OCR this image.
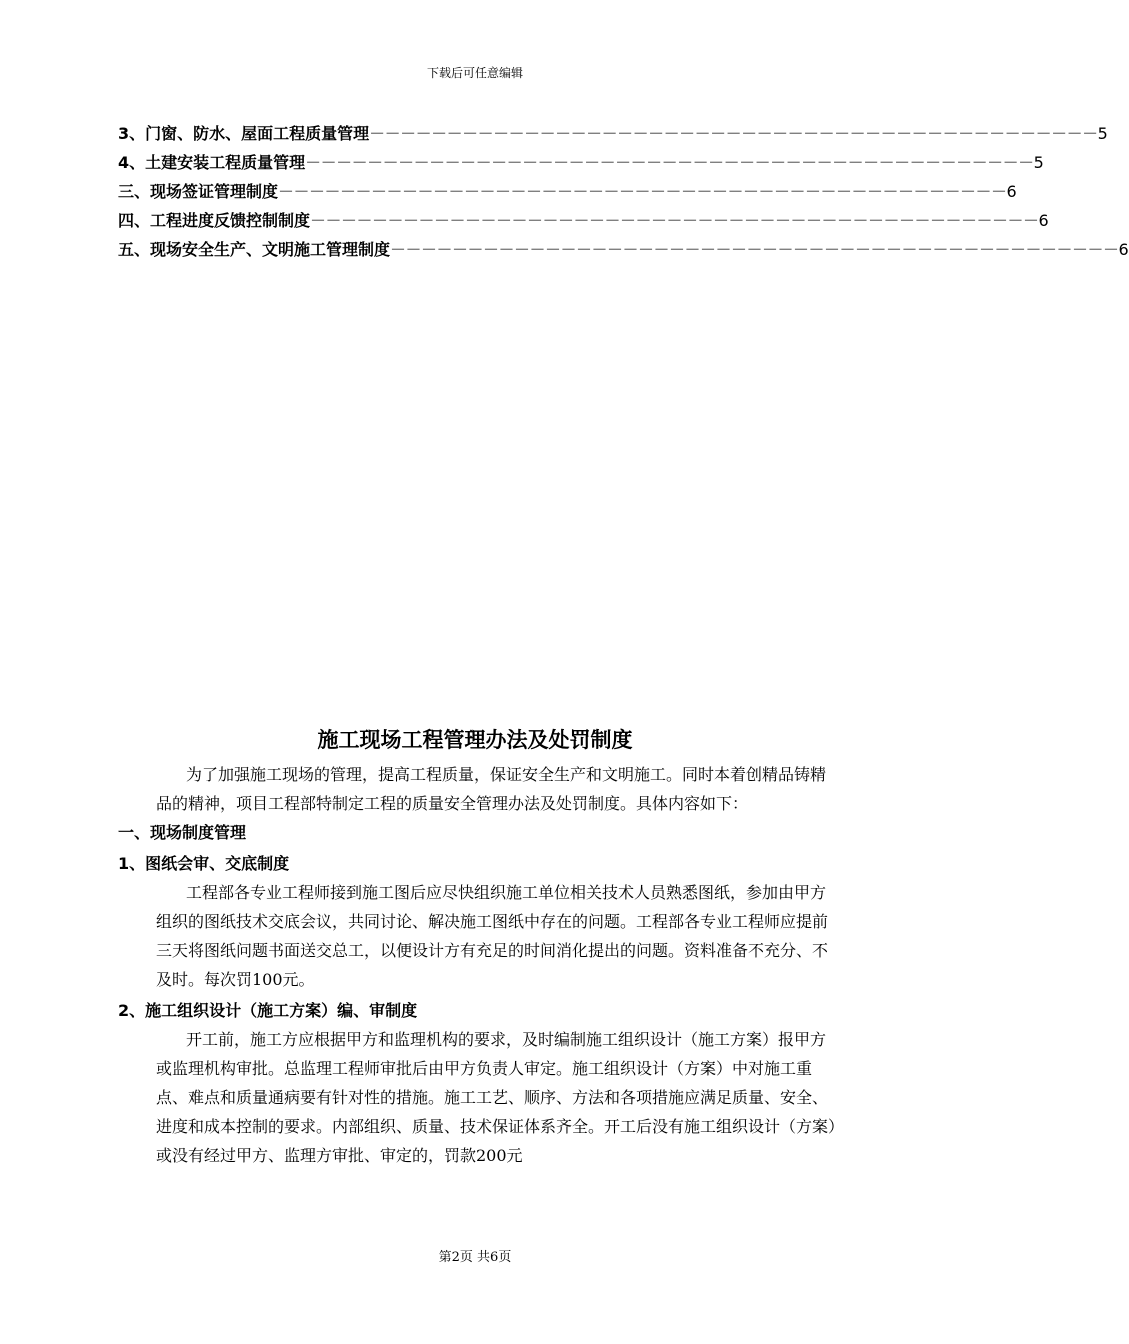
下载后可任意编辑
3、门窗、防水、屋面工程质量管理 －－－－－－－－－－－－－－－－－－－－－－－－－－－－－－－－－－－－－－－－－－－－－－－ 5
4、土建安装工程质量管理 －－－－－－－－－－－－－－－－－－－－－－－－－－－－－－－－－－－－－－－－－－－－－－－ 5
三、现场签证管理制度 －－－－－－－－－－－－－－－－－－－－－－－－－－－－－－－－－－－－－－－－－－－－－－－ 6
四、工程进度反馈控制制度 －－－－－－－－－－－－－－－－－－－－－－－－－－－－－－－－－－－－－－－－－－－－－－－ 6
五、现场安全生产、文明施工管理制度 －－－－－－－－－－－－－－－－－－－－－－－－－－－－－－－－－－－－－－－－－－－－－－－ 6
施工现场工程管理办法及处罚制度

为了加强施工现场的管理，提高工程质量，保证安全生产和文明施工。同时本着创精品铸精品的精神，项目工程部特制定工程的质量安全管理办法及处罚制度。具体内容如下：

一、现场制度管理

1、图纸会审、交底制度

工程部各专业工程师接到施工图后应尽快组织施工单位相关技术人员熟悉图纸，参加由甲方组织的图纸技术交底会议，共同讨论、解决施工图纸中存在的问题。工程部各专业工程师应提前三天将图纸问题书面送交总工，以便设计方有充足的时间消化提出的问题。资料准备不充分、不及时。每次罚100元。

2、施工组织设计（施工方案）编、审制度

开工前，施工方应根据甲方和监理机构的要求，及时编制施工组织设计（施工方案）报甲方或监理机构审批。总监理工程师审批后由甲方负责人审定。施工组织设计（方案）中对施工重点、难点和质量通病要有针对性的措施。施工工艺、顺序、方法和各项措施应满足质量、安全、进度和成本控制的要求。内部组织、质量、技术保证体系齐全。开工后没有施工组织设计（方案）或没有经过甲方、监理方审批、审定的，罚款200元

第2页 共6页
